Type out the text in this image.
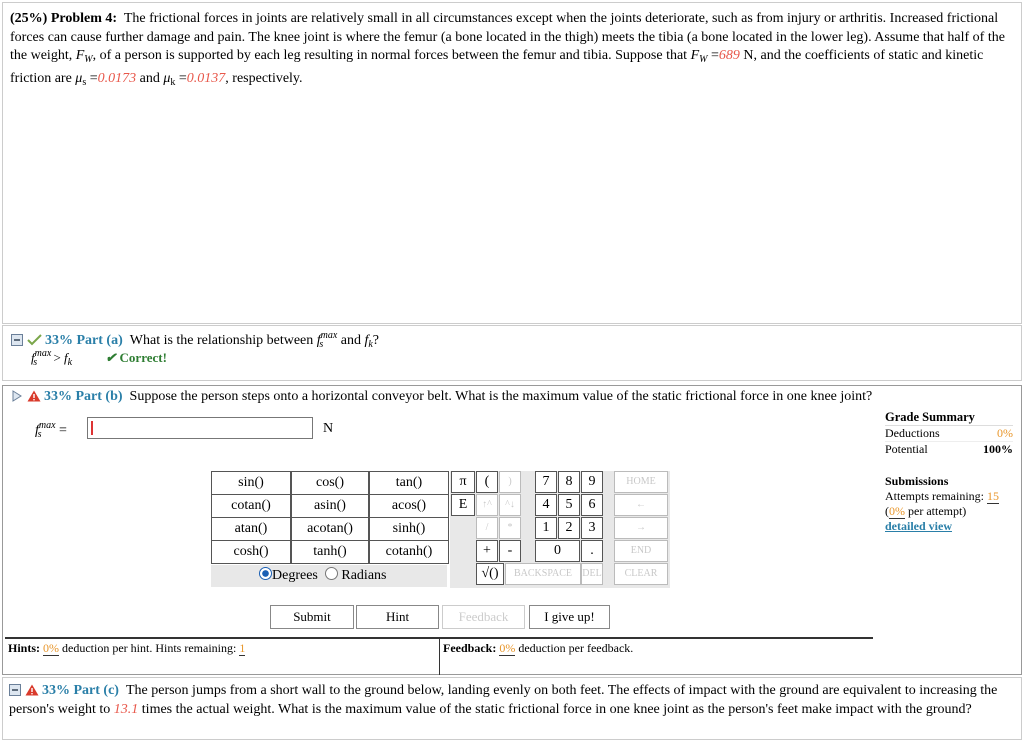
(25%) Problem 4: The frictional forces in joints are relatively small in all circumstances except when the joints deteriorate, such as from injury or arthritis. Increased frictional forces can cause further damage and pain. The knee joint is where the femur (a bone located in the thigh) meets the tibia (a bone located in the lower leg). Assume that half of the the weight, $F_W$, of a person is supported by each leg resulting in normal forces between the femur and tibia. Suppose that $F_W =689$ N, and the coefficients of static and kinetic friction are $\mu_s =0.0173$ and $\mu_k =0.0137$, respectively.
33% Part (a) What is the relationship between $f^{max}_s$ and $f_k$?
$f^{max}_s > f_k$	✔ Correct!
33% Part (b) Suppose the person steps onto a horizontal conveyor belt. What is the maximum value of the static frictional force in one knee joint?
$f^{max}_s$ =	N
Grade Summary
Deductions	0%
Potential	100%
Submissions
Attempts remaining: 15
(0% per attempt)
detailed view
sin()	cos()	tan()
cotan()	asin()	acos()
atan()	acotan()	sinh()
cosh()	tanh()	cotanh()
Degrees Radians
π	(	)	7	8	9	HOME
E	↑^	^↓	4	5	6	←
/	*	1	2	3	→
+	-	0	.	END
√()	BACKSPACE	DEL	CLEAR
Submit	Hint	Feedback	I give up!
Hints: 0% deduction per hint. Hints remaining: 1	Feedback: 0% deduction per feedback.
33% Part (c) The person jumps from a short wall to the ground below, landing evenly on both feet. The effects of impact with the ground are equivalent to increasing the person's weight to 13.1 times the actual weight. What is the maximum value of the static frictional force in one knee joint as the person's feet make impact with the ground?
